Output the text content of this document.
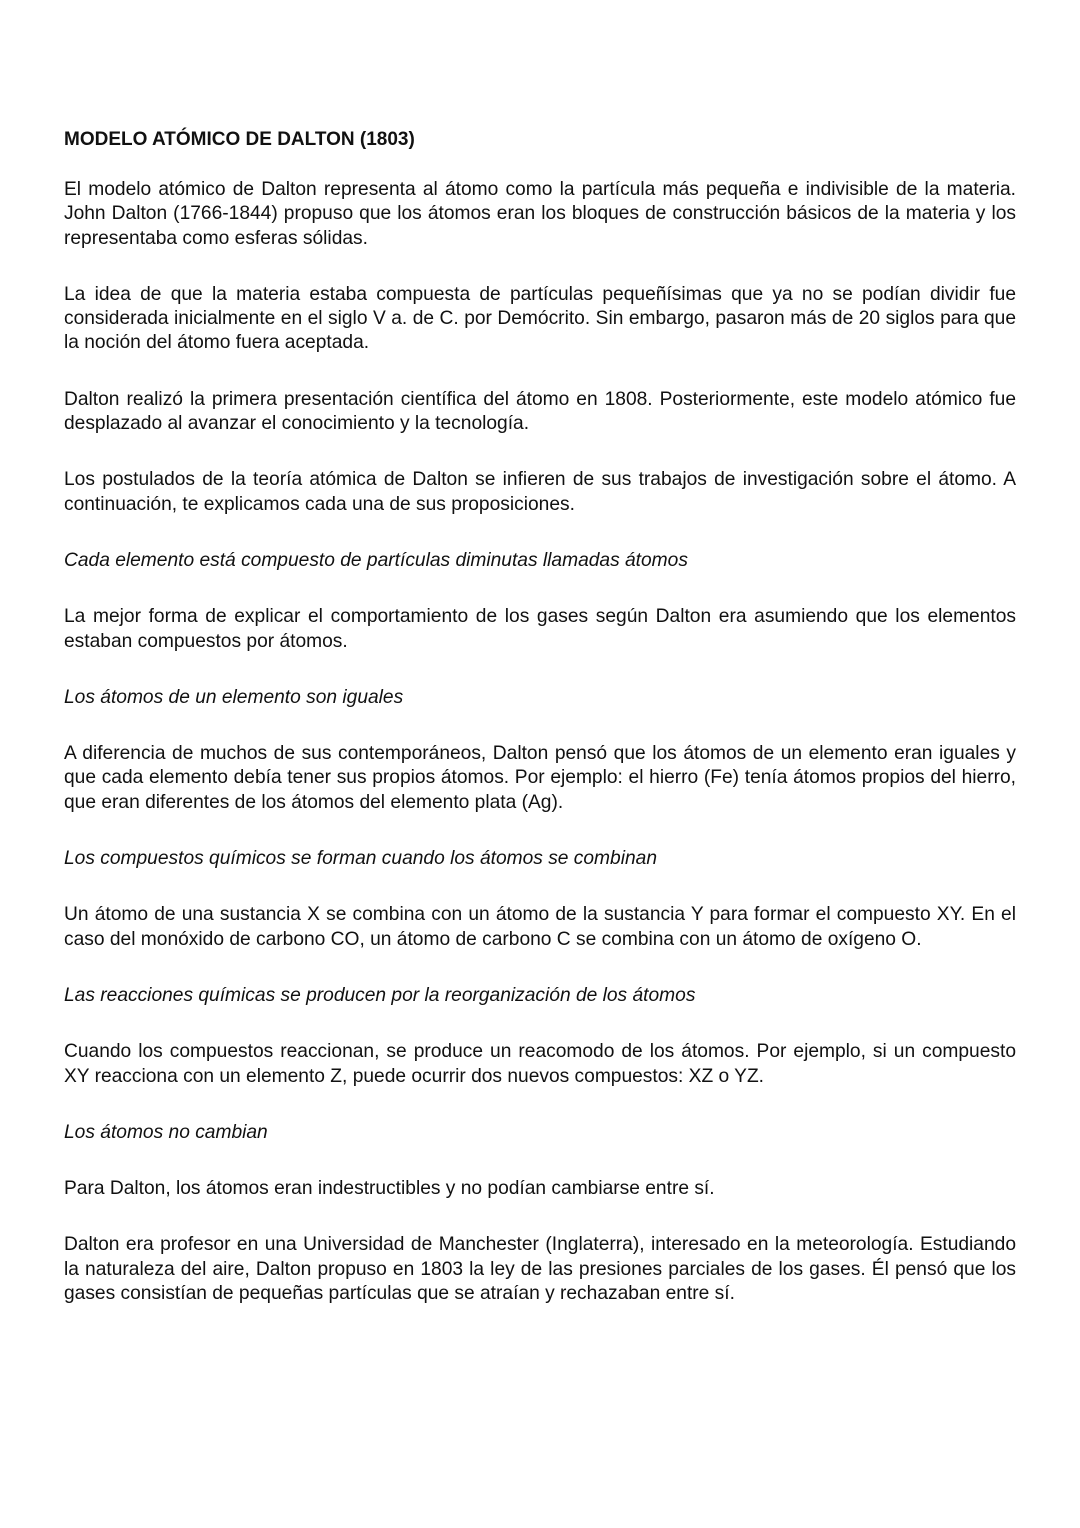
MODELO ATÓMICO DE DALTON (1803)

El modelo atómico de Dalton representa al átomo como la partícula más pequeña e indivisible de la materia. John Dalton (1766-1844) propuso que los átomos eran los bloques de construcción básicos de la materia y los representaba como esferas sólidas.

La idea de que la materia estaba compuesta de partículas pequeñísimas que ya no se podían dividir fue considerada inicialmente en el siglo V a. de C. por Demócrito. Sin embargo, pasaron más de 20 siglos para que la noción del átomo fuera aceptada.

Dalton realizó la primera presentación científica del átomo en 1808. Posteriormente, este modelo atómico fue desplazado al avanzar el conocimiento y la tecnología.

Los postulados de la teoría atómica de Dalton se infieren de sus trabajos de investigación sobre el átomo. A continuación, te explicamos cada una de sus proposiciones.

Cada elemento está compuesto de partículas diminutas llamadas átomos

La mejor forma de explicar el comportamiento de los gases según Dalton era asumiendo que los elementos estaban compuestos por átomos.

Los átomos de un elemento son iguales

A diferencia de muchos de sus contemporáneos, Dalton pensó que los átomos de un elemento eran iguales y que cada elemento debía tener sus propios átomos. Por ejemplo: el hierro (Fe) tenía átomos propios del hierro, que eran diferentes de los átomos del elemento plata (Ag).

Los compuestos químicos se forman cuando los átomos se combinan

Un átomo de una sustancia X se combina con un átomo de la sustancia Y para formar el compuesto XY. En el caso del monóxido de carbono CO, un átomo de carbono C se combina con un átomo de oxígeno O.

Las reacciones químicas se producen por la reorganización de los átomos

Cuando los compuestos reaccionan, se produce un reacomodo de los átomos. Por ejemplo, si un compuesto XY reacciona con un elemento Z, puede ocurrir dos nuevos compuestos: XZ o YZ.

Los átomos no cambian

Para Dalton, los átomos eran indestructibles y no podían cambiarse entre sí.

Dalton era profesor en una Universidad de Manchester (Inglaterra), interesado en la meteorología. Estudiando la naturaleza del aire, Dalton propuso en 1803 la ley de las presiones parciales de los gases. Él pensó que los gases consistían de pequeñas partículas que se atraían y rechazaban entre sí.
